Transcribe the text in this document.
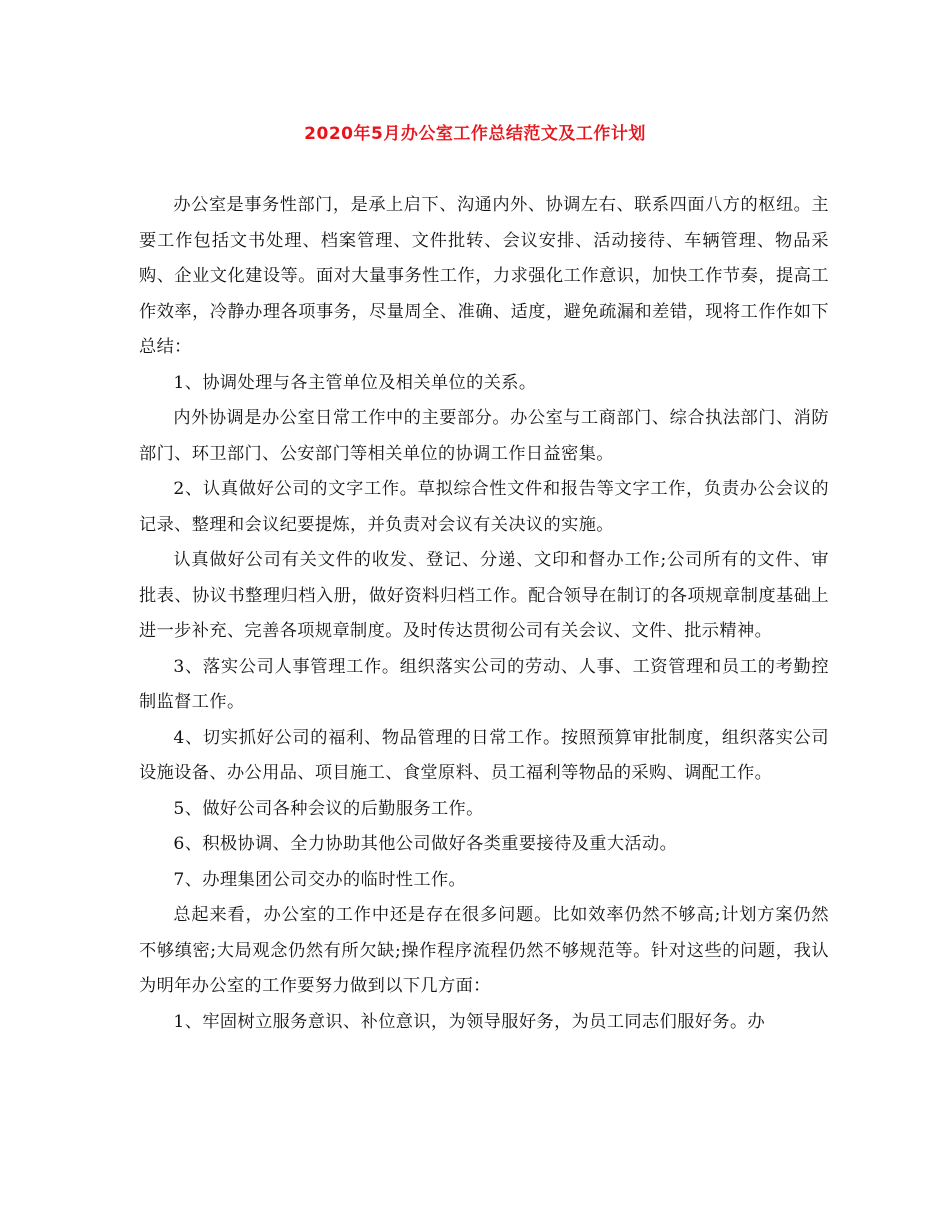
2020年5月办公室工作总结范文及工作计划

办公室是事务性部门，是承上启下、沟通内外、协调左右、联系四面八方的枢纽。主要工作包括文书处理、档案管理、文件批转、会议安排、活动接待、车辆管理、物品采购、企业文化建设等。面对大量事务性工作，力求强化工作意识，加快工作节奏，提高工作效率，冷静办理各项事务，尽量周全、准确、适度，避免疏漏和差错，现将工作作如下总结：

1、协调处理与各主管单位及相关单位的关系。

内外协调是办公室日常工作中的主要部分。办公室与工商部门、综合执法部门、消防部门、环卫部门、公安部门等相关单位的协调工作日益密集。

2、认真做好公司的文字工作。草拟综合性文件和报告等文字工作，负责办公会议的记录、整理和会议纪要提炼，并负责对会议有关决议的实施。

认真做好公司有关文件的收发、登记、分递、文印和督办工作;公司所有的文件、审批表、协议书整理归档入册，做好资料归档工作。配合领导在制订的各项规章制度基础上进一步补充、完善各项规章制度。及时传达贯彻公司有关会议、文件、批示精神。

3、落实公司人事管理工作。组织落实公司的劳动、人事、工资管理和员工的考勤控制监督工作。

4、切实抓好公司的福利、物品管理的日常工作。按照预算审批制度，组织落实公司设施设备、办公用品、项目施工、食堂原料、员工福利等物品的采购、调配工作。

5、做好公司各种会议的后勤服务工作。

6、积极协调、全力协助其他公司做好各类重要接待及重大活动。

7、办理集团公司交办的临时性工作。

总起来看，办公室的工作中还是存在很多问题。比如效率仍然不够高;计划方案仍然不够缜密;大局观念仍然有所欠缺;操作程序流程仍然不够规范等。针对这些的问题，我认为明年办公室的工作要努力做到以下几方面：

1、牢固树立服务意识、补位意识，为领导服好务，为员工同志们服好务。办
